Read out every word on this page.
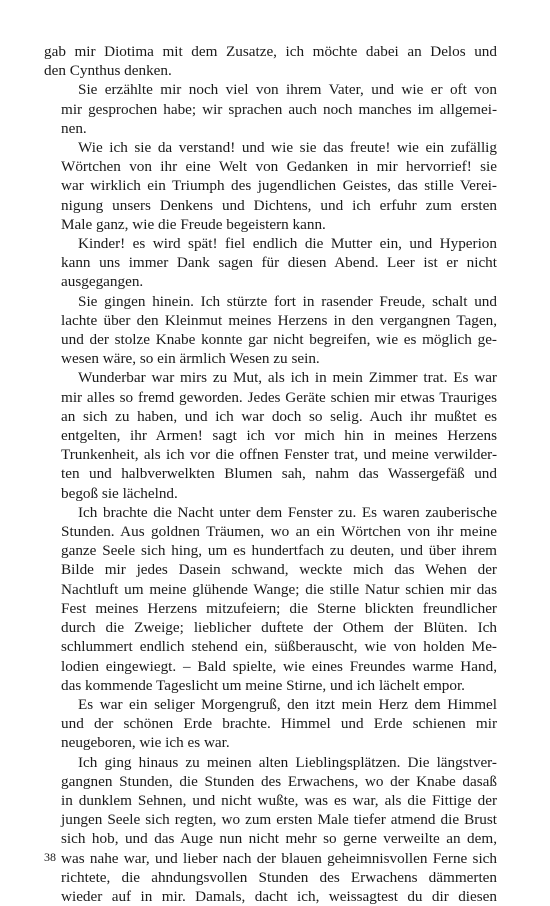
gab mir Diotima mit dem Zusatze, ich möchte dabei an Delos und
den Cynthus denken.

Sie erzählte mir noch viel von ihrem Vater, und wie er oft von
mir gesprochen habe; wir sprachen auch noch manches im allgemei-
nen.

Wie ich sie da verstand! und wie sie das freute! wie ein zufällig
Wörtchen von ihr eine Welt von Gedanken in mir hervorrief! sie
war wirklich ein Triumph des jugendlichen Geistes, das stille Verei-
nigung unsers Denkens und Dichtens, und ich erfuhr zum ersten
Male ganz, wie die Freude begeistern kann.

Kinder! es wird spät! fiel endlich die Mutter ein, und Hyperion
kann uns immer Dank sagen für diesen Abend. Leer ist er nicht
ausgegangen.

Sie gingen hinein. Ich stürzte fort in rasender Freude, schalt und
lachte über den Kleinmut meines Herzens in den vergangnen Tagen,
und der stolze Knabe konnte gar nicht begreifen, wie es möglich ge-
wesen wäre, so ein ärmlich Wesen zu sein.

Wunderbar war mirs zu Mut, als ich in mein Zimmer trat. Es war
mir alles so fremd geworden. Jedes Geräte schien mir etwas Trauriges
an sich zu haben, und ich war doch so selig. Auch ihr mußtet es
entgelten, ihr Armen! sagt ich vor mich hin in meines Herzens
Trunkenheit, als ich vor die offnen Fenster trat, und meine verwilder-
ten und halbverwelkten Blumen sah, nahm das Wassergefäß und
begoß sie lächelnd.

Ich brachte die Nacht unter dem Fenster zu. Es waren zauberische
Stunden. Aus goldnen Träumen, wo an ein Wörtchen von ihr meine
ganze Seele sich hing, um es hundertfach zu deuten, und über ihrem
Bilde mir jedes Dasein schwand, weckte mich das Wehen der
Nachtluft um meine glühende Wange; die stille Natur schien mir das
Fest meines Herzens mitzufeiern; die Sterne blickten freundlicher
durch die Zweige; lieblicher duftete der Othem der Blüten. Ich
schlummert endlich stehend ein, süßberauscht, wie von holden Me-
lodien eingewiegt. – Bald spielte, wie eines Freundes warme Hand,
das kommende Tageslicht um meine Stirne, und ich lächelt empor.

Es war ein seliger Morgengruß, den itzt mein Herz dem Himmel
und der schönen Erde brachte. Himmel und Erde schienen mir
neugeboren, wie ich es war.

Ich ging hinaus zu meinen alten Lieblingsplätzen. Die längstver-
gangnen Stunden, die Stunden des Erwachens, wo der Knabe dasaß
in dunklem Sehnen, und nicht wußte, was es war, als die Fittige der
jungen Seele sich regten, wo zum ersten Male tiefer atmend die Brust
sich hob, und das Auge nun nicht mehr so gerne verweilte an dem,
was nahe war, und lieber nach der blauen geheimnisvollen Ferne sich
richtete, die ahndungsvollen Stunden des Erwachens dämmerten
wieder auf in mir. Damals, dacht ich, weissagtest du dir diesen

38
